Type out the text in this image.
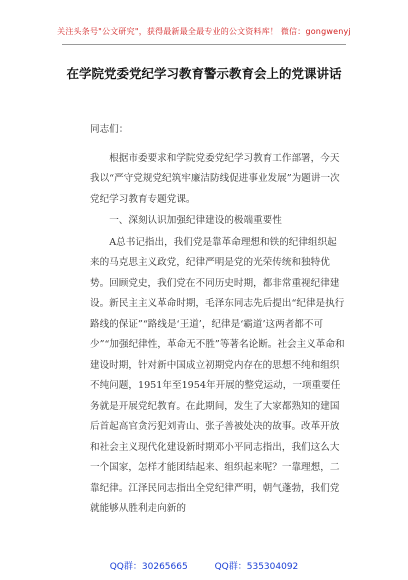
关注头条号"公文研究"，获得最新最全最专业的公文资料库！ 微信：gongwenyj
在学院党委党纪学习教育警示教育会上的党课讲话

同志们：

根据市委要求和学院党委党纪学习教育工作部署，今天我以“严守党规党纪筑牢廉洁防线促进事业发展”为题讲一次党纪学习教育专题党课。

一、深刻认识加强纪律建设的极端重要性

A总书记指出，我们党是靠革命理想和铁的纪律组织起来的马克思主义政党，纪律严明是党的光荣传统和独特优势。回顾党史，我们党在不同历史时期，都非常重视纪律建设。新民主主义革命时期，毛泽东同志先后提出“纪律是执行路线的保证”“路线是‘王道’，纪律是‘霸道’这两者都不可少”“加强纪律性，革命无不胜”等著名论断。社会主义革命和建设时期，针对新中国成立初期党内存在的思想不纯和组织不纯问题，1951年至1954年开展的整党运动，一项重要任务就是开展党纪教育。在此期间，发生了大家都熟知的建国后首起高官贪污犯刘青山、张子善被处决的故事。改革开放和社会主义现代化建设新时期邓小平同志指出，我们这么大一个国家，怎样才能团结起来、组织起来呢？一靠理想，二靠纪律。江泽民同志指出全党纪律严明，朝气蓬勃，我们党就能够从胜利走向新的

QQ群：30265665	QQ群：535304092
